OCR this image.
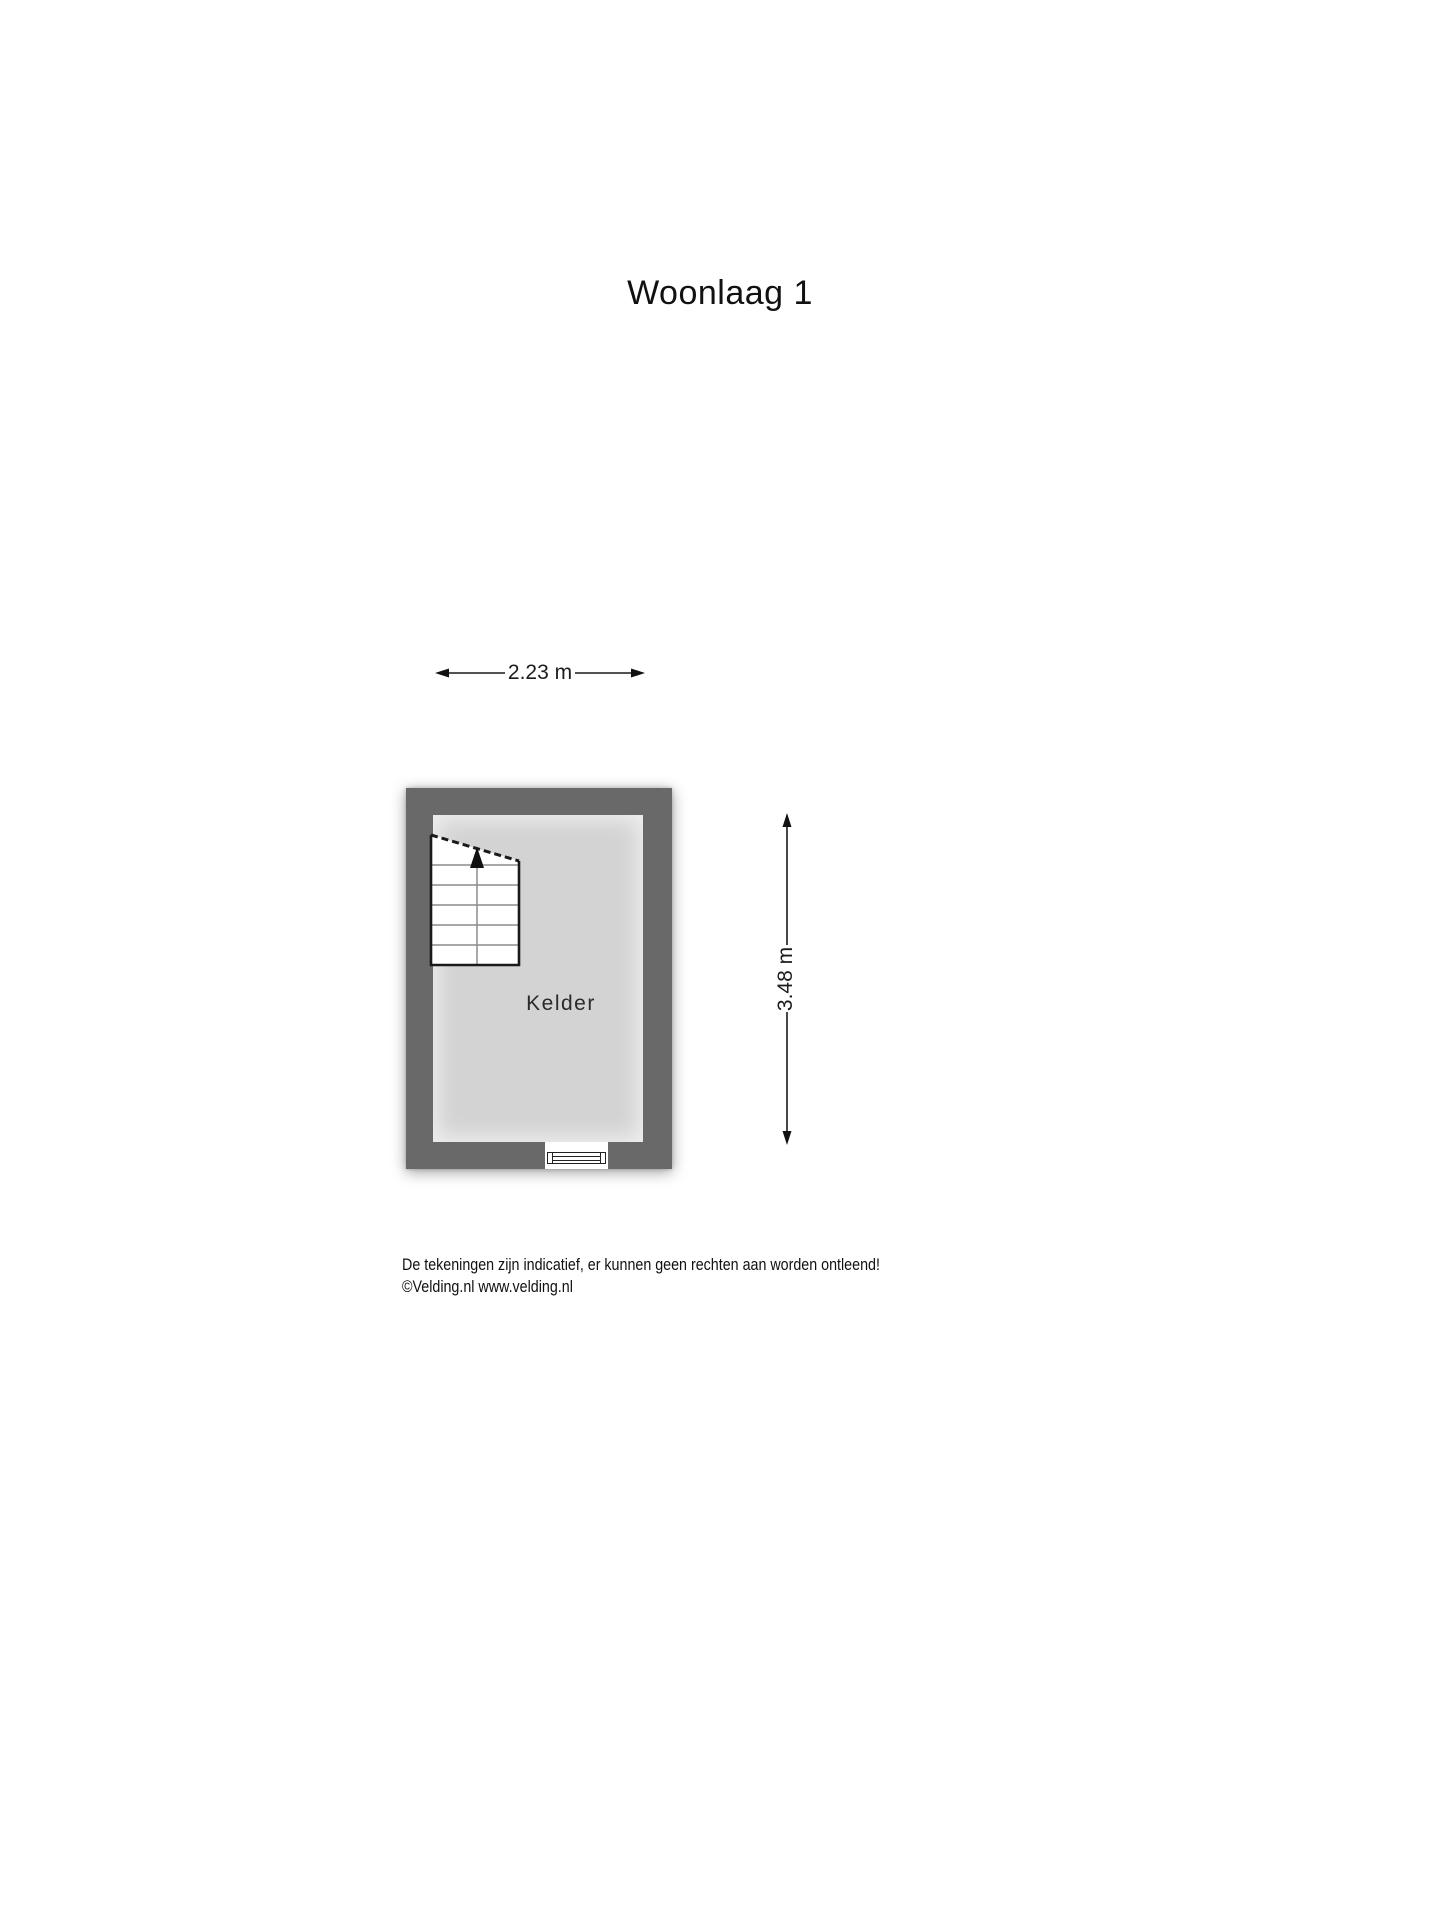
Woonlaag 1
2.23 m
Kelder	3.48 m
De tekeningen zijn indicatief, er kunnen geen rechten aan worden ontleend!
©Velding.nl www.velding.nl
